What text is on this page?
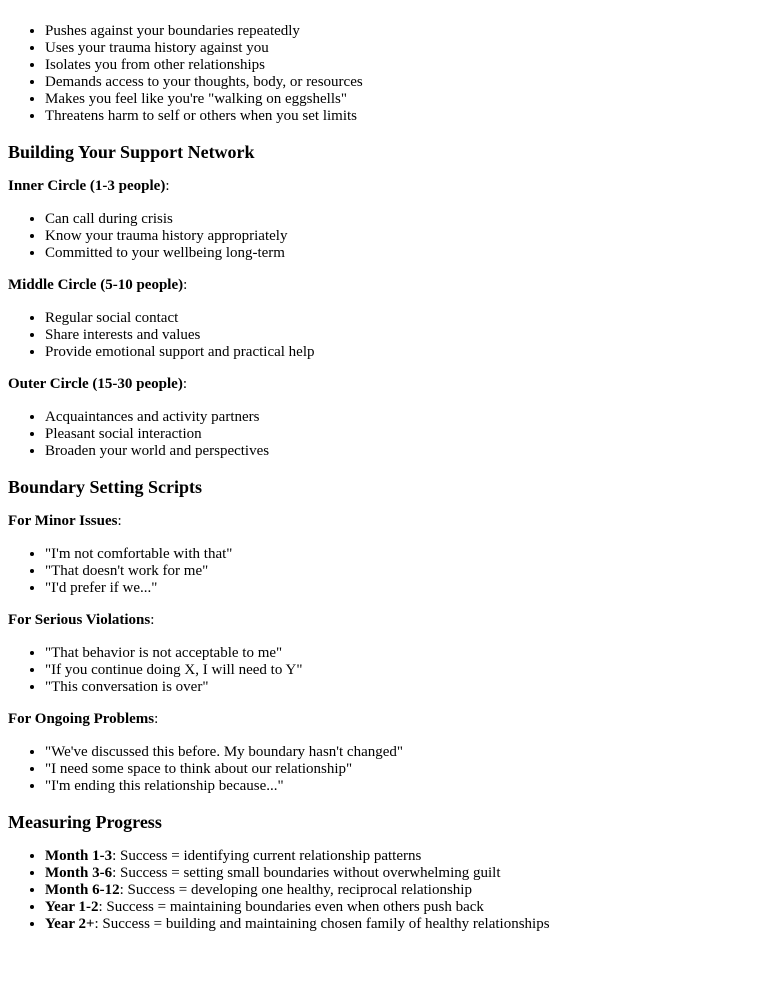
• Pushes against your boundaries repeatedly
• Uses your trauma history against you
• Isolates you from other relationships
• Demands access to your thoughts, body, or resources
• Makes you feel like you're "walking on eggshells"
• Threatens harm to self or others when you set limits
Building Your Support Network

Inner Circle (1-3 people):

• Can call during crisis
• Know your trauma history appropriately
• Committed to your wellbeing long-term

Middle Circle (5-10 people):

• Regular social contact
• Share interests and values
• Provide emotional support and practical help

Outer Circle (15-30 people):

• Acquaintances and activity partners
• Pleasant social interaction
• Broaden your world and perspectives
Boundary Setting Scripts

For Minor Issues:

• "I'm not comfortable with that"
• "That doesn't work for me"
• "I'd prefer if we..."

For Serious Violations:

• "That behavior is not acceptable to me"
• "If you continue doing X, I will need to Y"
• "This conversation is over"

For Ongoing Problems:

• "We've discussed this before. My boundary hasn't changed"
• "I need some space to think about our relationship"
• "I'm ending this relationship because..."
Measuring Progress
• Month 1-3: Success = identifying current relationship patterns
• Month 3-6: Success = setting small boundaries without overwhelming guilt
• Month 6-12: Success = developing one healthy, reciprocal relationship
• Year 1-2: Success = maintaining boundaries even when others push back
• Year 2+: Success = building and maintaining chosen family of healthy relationships
